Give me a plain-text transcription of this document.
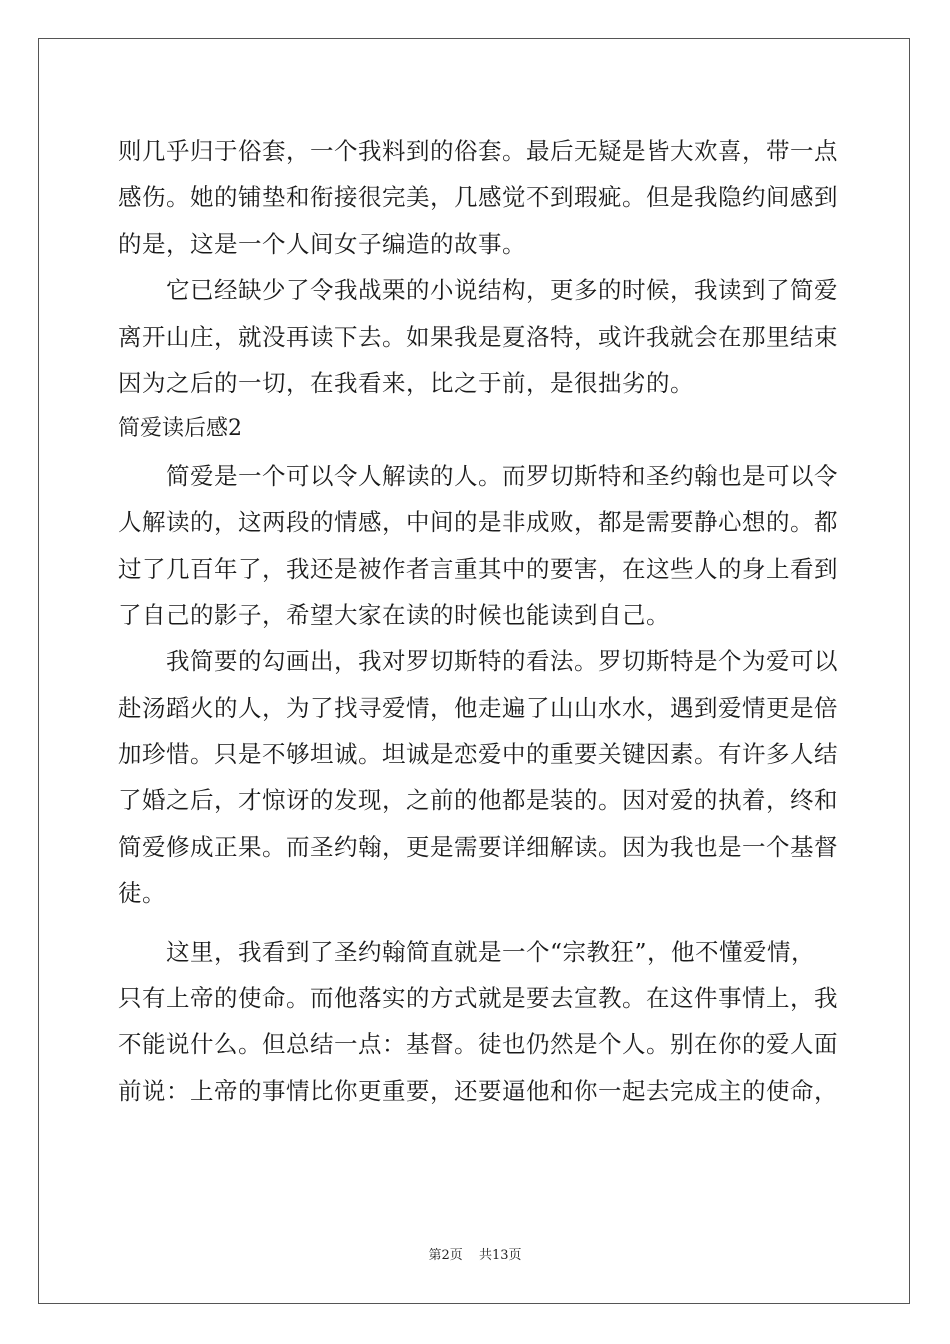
则几乎归于俗套，一个我料到的俗套。最后无疑是皆大欢喜，带一点
感伤。她的铺垫和衔接很完美，几感觉不到瑕疵。但是我隐约间感到
的是，这是一个人间女子编造的故事。
它已经缺少了令我战栗的小说结构，更多的时候，我读到了简爱
离开山庄，就没再读下去。如果我是夏洛特，或许我就会在那里结束
因为之后的一切，在我看来，比之于前，是很拙劣的。
简爱读后感2
简爱是一个可以令人解读的人。而罗切斯特和圣约翰也是可以令
人解读的，这两段的情感，中间的是非成败，都是需要静心想的。都
过了几百年了，我还是被作者言重其中的要害，在这些人的身上看到
了自己的影子，希望大家在读的时候也能读到自己。
我简要的勾画出，我对罗切斯特的看法。罗切斯特是个为爱可以
赴汤蹈火的人，为了找寻爱情，他走遍了山山水水，遇到爱情更是倍
加珍惜。只是不够坦诚。坦诚是恋爱中的重要关键因素。有许多人结
了婚之后，才惊讶的发现，之前的他都是装的。因对爱的执着，终和
简爱修成正果。而圣约翰，更是需要详细解读。因为我也是一个基督
徒。
这里，我看到了圣约翰简直就是一个“宗教狂”，他不懂爱情，
只有上帝的使命。而他落实的方式就是要去宣教。在这件事情上，我
不能说什么。但总结一点：基督。徒也仍然是个人。别在你的爱人面
前说：上帝的事情比你更重要，还要逼他和你一起去完成主的使命，
第2页 共13页
